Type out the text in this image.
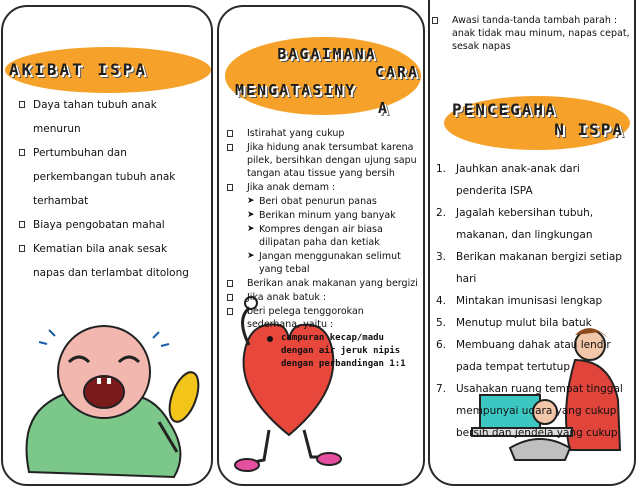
AKIBAT ISPA
Daya tahan tubuh anak
menurun
Pertumbuhan dan
perkembangan tubuh anak
terhambat
Biaya pengobatan mahal
Kematian bila anak sesak
napas dan terlambat ditolong
BAGAIMANA
CARA
MENGATASINY
A
Istirahat yang cukup
Jika hidung anak tersumbat karena pilek, bersihkan dengan ujung sapu tangan atau tissue yang bersih
Jika anak demam :
➤ Beri obat penurun panas
➤ Berikan minum yang banyak
➤ Kompres dengan air biasa dilipatan paha dan ketiak
➤ Jangan menggunakan selimut yang tebal
Berikan anak makanan yang bergizi
Jika anak batuk :
beri pelega tenggorokan sederhana, yaitu :
campuran kecap/madu
dengan air jeruk nipis
dengan perbandingan 1:1
Awasi tanda-tanda tambah parah : anak tidak mau minum, napas cepat, sesak napas
PENCEGAHA
N ISPA
1. Jauhkan anak-anak dari
penderita ISPA
2. Jagalah kebersihan tubuh,
makanan, dan lingkungan
3. Berikan makanan bergizi setiap
hari
4. Mintakan imunisasi lengkap
5. Menutup mulut bila batuk
6. Membuang dahak atau lendir
pada tempat tertutup
7. Usahakan ruang tempat tinggal
mempunyai udara yang cukup
bersih dan jendela yang cukup
